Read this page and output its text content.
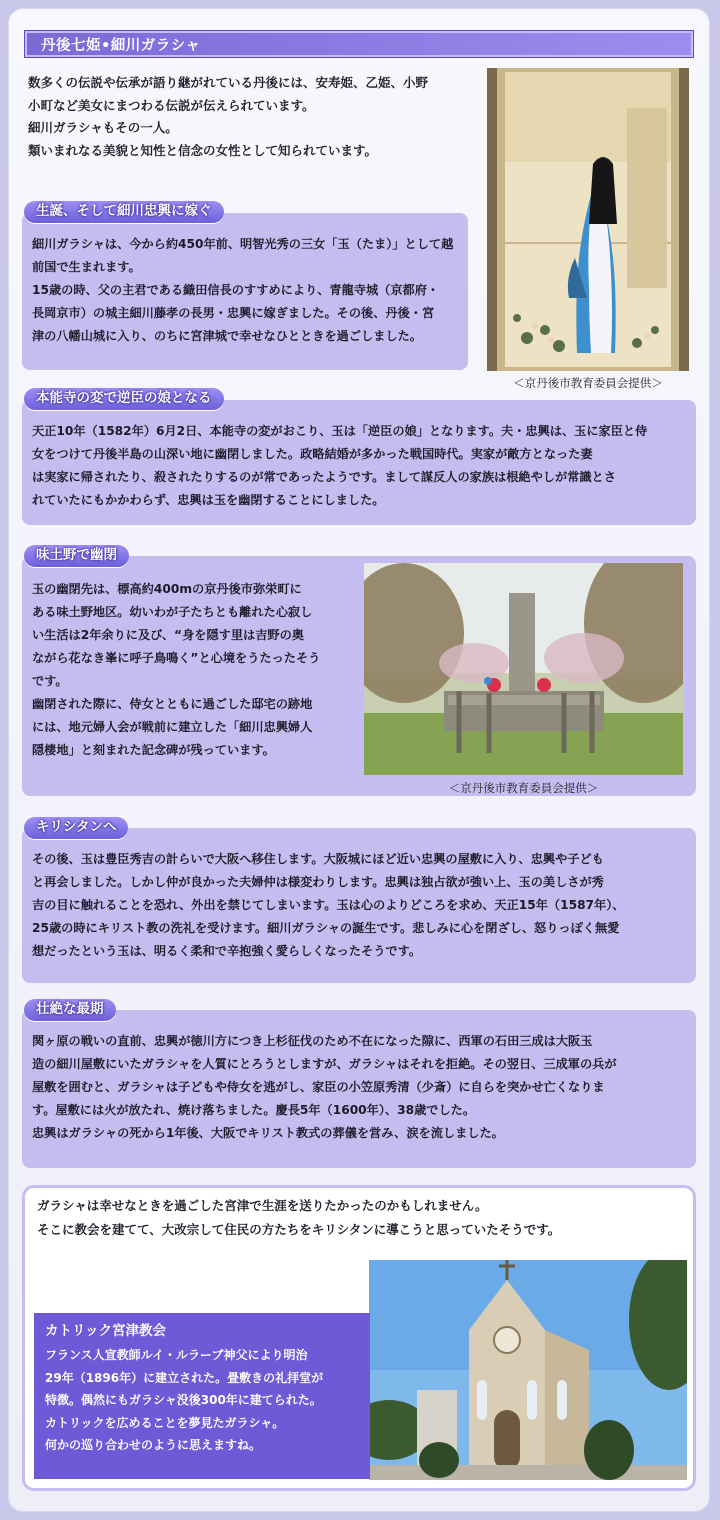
丹後七姫•細川ガラシャ

数多くの伝説や伝承が語り継がれている丹後には、安寿姫、乙姫、小野

小町など美女にまつわる伝説が伝えられています。

細川ガラシャもその一人。

類いまれなる美貌と知性と信念の女性として知られています。

＜京丹後市教育委員会提供＞
細川ガラシャは、今から約450年前、明智光秀の三女「玉（たま）」として越
前国で生まれます。
15歳の時、父の主君である織田信長のすすめにより、青龍寺城（京都府・
長岡京市）の城主細川藤孝の長男・忠興に嫁ぎました。その後、丹後・宮
津の八幡山城に入り、のちに宮津城で幸せなひとときを過ごしました。
生誕、そして細川忠興に嫁ぐ
天正10年（1582年）6月2日、本能寺の変がおこり、玉は「逆臣の娘」となります。夫・忠興は、玉に家臣と侍
女をつけて丹後半島の山深い地に幽閉しました。政略結婚が多かった戦国時代。実家が敵方となった妻
は実家に帰されたり、殺されたりするのが常であったようです。まして謀反人の家族は根絶やしが常識とさ
れていたにもかかわらず、忠興は玉を幽閉することにしました。
本能寺の変で逆臣の娘となる
玉の幽閉先は、標高約400mの京丹後市弥栄町に
ある味土野地区。幼いわが子たちとも離れた心寂し
い生活は2年余りに及び、“身を隠す里は吉野の奥
ながら花なき峯に呼子鳥鳴く”と心境をうたったそう
です。
幽閉された際に、侍女とともに過ごした邸宅の跡地
には、地元婦人会が戦前に建立した「細川忠興婦人
隠棲地」と刻まれた記念碑が残っています。
味土野で幽閉
＜京丹後市教育委員会提供＞
その後、玉は豊臣秀吉の計らいで大阪へ移住します。大阪城にほど近い忠興の屋敷に入り、忠興や子ども
と再会しました。しかし仲が良かった夫婦仲は様変わりします。忠興は独占欲が強い上、玉の美しさが秀
吉の目に触れることを恐れ、外出を禁じてしまいます。玉は心のよりどころを求め、天正15年（1587年）、
25歳の時にキリスト教の洗礼を受けます。細川ガラシャの誕生です。悲しみに心を閉ざし、怒りっぽく無愛
想だったという玉は、明るく柔和で辛抱強く愛らしくなったそうです。
キリシタンへ
関ヶ原の戦いの直前、忠興が徳川方につき上杉征伐のため不在になった隙に、西軍の石田三成は大阪玉
造の細川屋敷にいたガラシャを人質にとろうとしますが、ガラシャはそれを拒絶。その翌日、三成軍の兵が
屋敷を囲むと、ガラシャは子どもや侍女を逃がし、家臣の小笠原秀清（少斎）に自らを突かせ亡くなりま
す。屋敷には火が放たれ、焼け落ちました。慶長5年（1600年）、38歳でした。
忠興はガラシャの死から1年後、大阪でキリスト教式の葬儀を営み、涙を流しました。
壮絶な最期

ガラシャは幸せなときを過ごした宮津で生涯を送りたかったのかもしれません。

そこに教会を建てて、大改宗して住民の方たちをキリシタンに導こうと思っていたそうです。

カトリック宮津教会
フランス人宣教師ルイ・ルラーブ神父により明治
29年（1896年）に建立された。畳敷きの礼拝堂が
特徴。偶然にもガラシャ没後300年に建てられた。
カトリックを広めることを夢見たガラシャ。
何かの巡り合わせのように思えますね。
